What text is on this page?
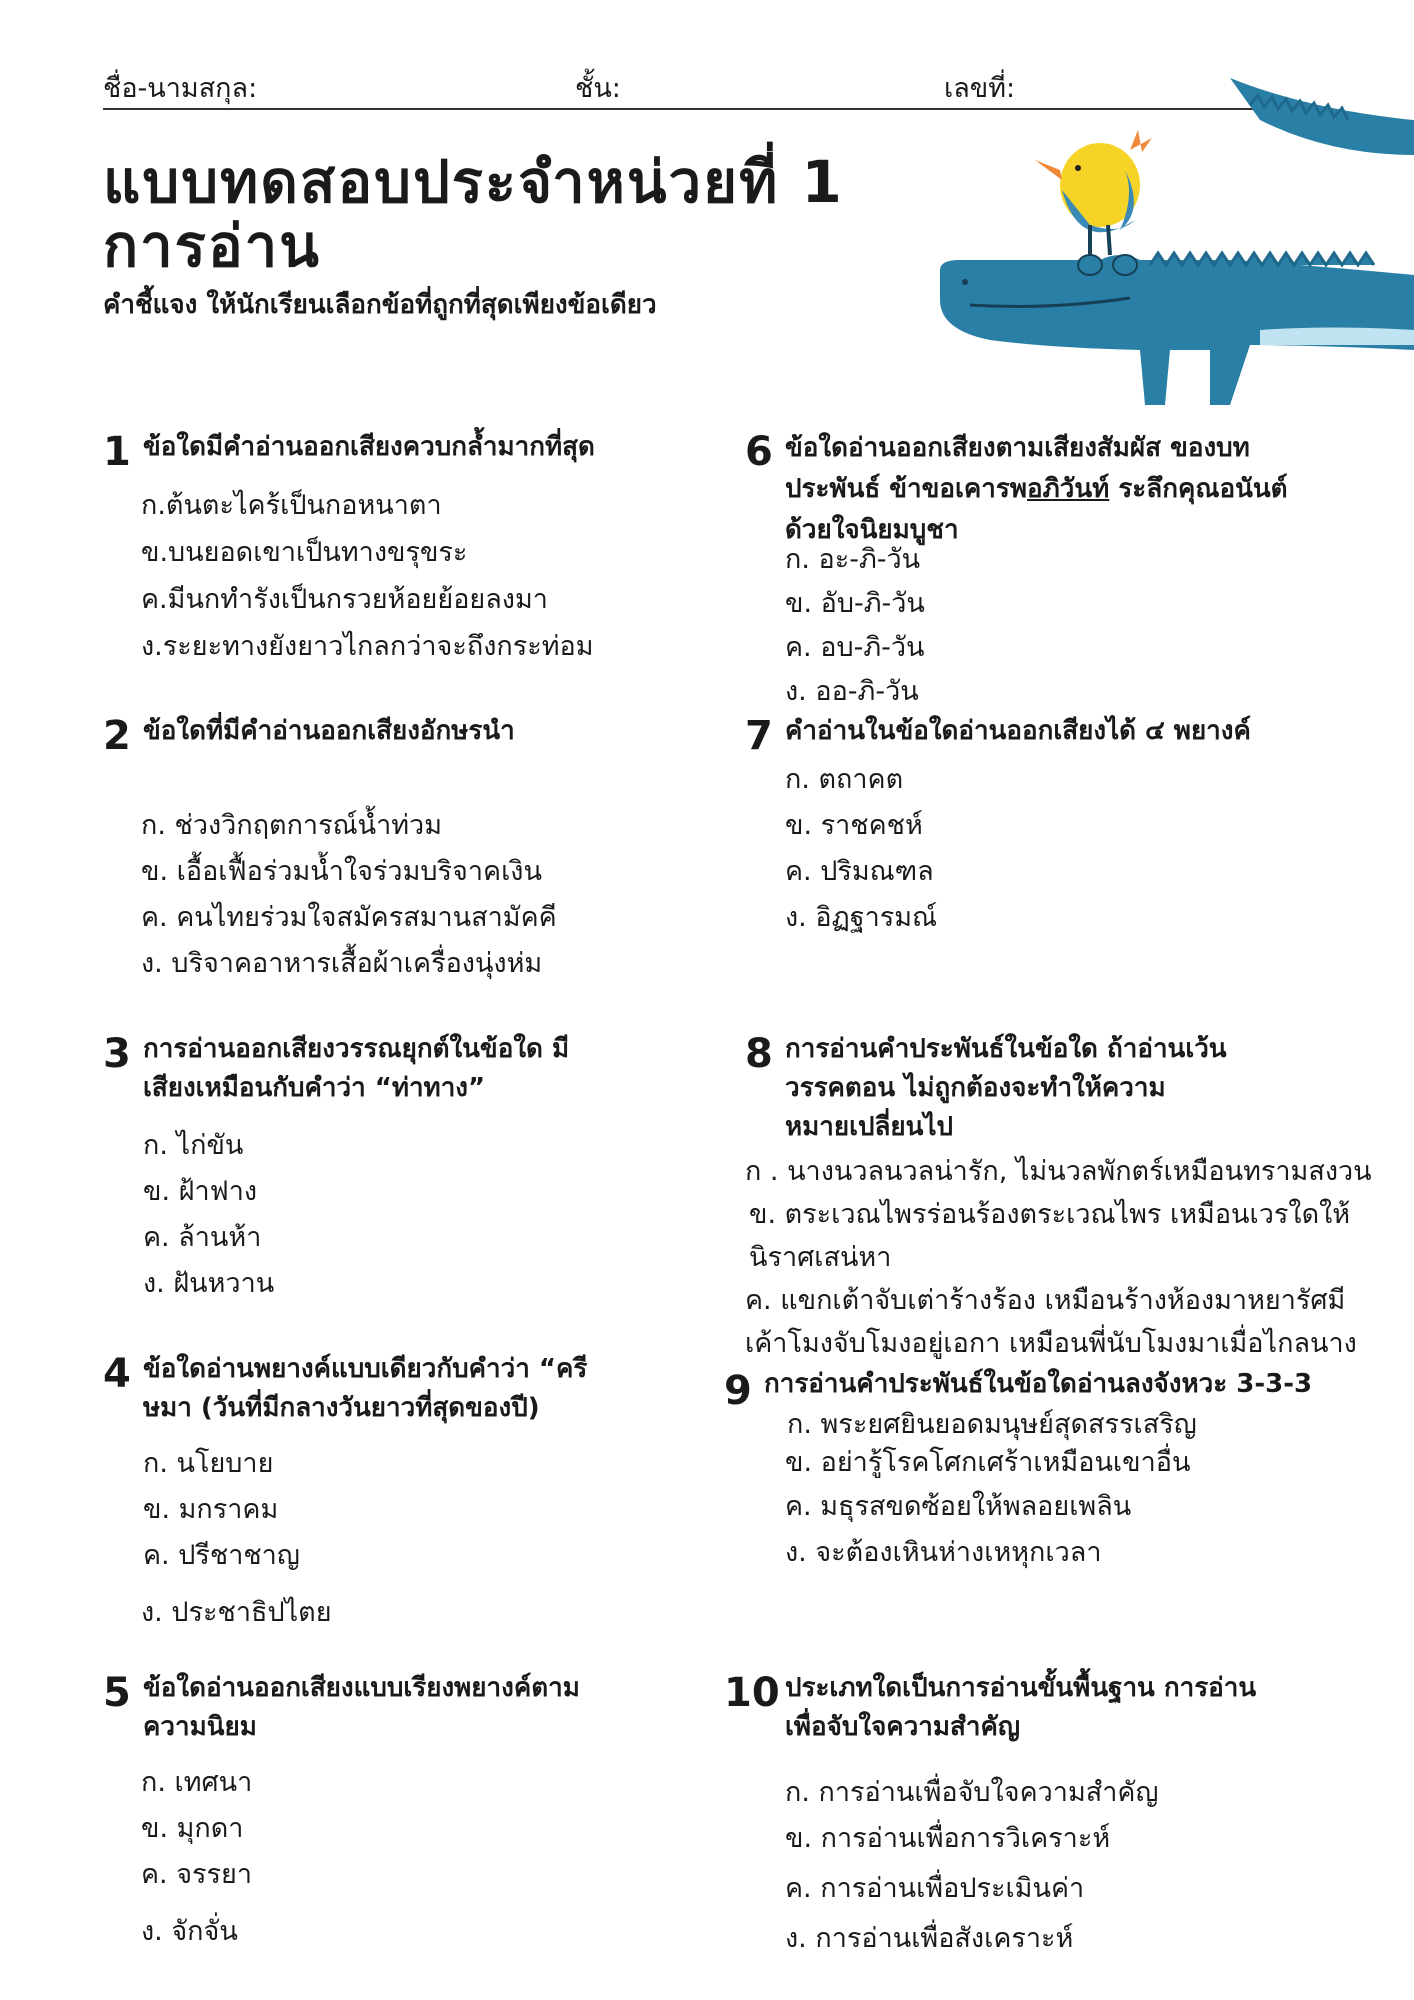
ชื่อ-นามสกุล:	ชั้น:	เลขที่:
แบบทดสอบประจำหน่วยที่ 1
การอ่าน

คำชี้แจง ให้นักเรียนเลือกข้อที่ถูกที่สุดเพียงข้อเดียว

1 ข้อใดมีคำอ่านออกเสียงควบกล้ำมากที่สุด

ก.ต้นตะไคร้เป็นกอหนาตา
ข.บนยอดเขาเป็นทางขรุขระ
ค.มีนกทำรังเป็นกรวยห้อยย้อยลงมา
ง.ระยะทางยังยาวไกลกว่าจะถึงกระท่อม
2 ข้อใดที่มีคำอ่านออกเสียงอักษรนำ

ก. ช่วงวิกฤตการณ์น้ำท่วม
ข. เอื้อเฟื้อร่วมน้ำใจร่วมบริจาคเงิน
ค. คนไทยร่วมใจสมัครสมานสามัคคี
ง. บริจาคอาหารเสื้อผ้าเครื่องนุ่งห่ม
3 การอ่านออกเสียงวรรณยุกต์ในข้อใด มี
เสียงเหมือนกับคำว่า “ท่าทาง”

ก. ไก่ขัน
ข. ฝ้าฟาง
ค. ล้านห้า
ง. ฝันหวาน
4 ข้อใดอ่านพยางค์แบบเดียวกับคำว่า “ครี
ษมา (วันที่มีกลางวันยาวที่สุดของปี)

ก. นโยบาย
ข. มกราคม
ค. ปรีชาชาญ
ง. ประชาธิปไตย
5 ข้อใดอ่านออกเสียงแบบเรียงพยางค์ตาม
ความนิยม

ก. เทศนา
ข. มุกดา
ค. จรรยา
ง. จักจั่น
6 ข้อใดอ่านออกเสียงตามเสียงสัมผัส ของบท
ประพันธ์ ข้าขอเคารพอภิวันท์ ระลึกคุณอนันต์
ด้วยใจนิยมบูชา

ก. อะ-ภิ-วัน
ข. อับ-ภิ-วัน
ค. อบ-ภิ-วัน
ง. ออ-ภิ-วัน
7 คำอ่านในข้อใดอ่านออกเสียงได้ ๔ พยางค์

ก. ตถาคต
ข. ราชคชห์
ค. ปริมณฑล
ง. อิฏฐารมณ์
8 การอ่านคำประพันธ์ในข้อใด ถ้าอ่านเว้น
วรรคตอน ไม่ถูกต้องจะทำให้ความ
หมายเปลี่ยนไป

ก . นางนวลนวลน่ารัก, ไม่นวลพักตร์เหมือนทรามสงวน
ข. ตระเวณไพรร่อนร้องตระเวณไพร เหมือนเวรใดให้
นิราศเสน่หา
ค. แขกเต้าจับเต่าร้างร้อง เหมือนร้างห้องมาหยารัศมี
เค้าโมงจับโมงอยู่เอกา เหมือนพี่นับโมงมาเมื่อไกลนาง
9 การอ่านคำประพันธ์ในข้อใดอ่านลงจังหวะ 3-3-3

ก. พระยศยินยอดมนุษย์สุดสรรเสริญ
ข. อย่ารู้โรคโศกเศร้าเหมือนเขาอื่น
ค. มธุรสขดซ้อยให้พลอยเพลิน
ง. จะต้องเหินห่างเหหุกเวลา
10 ประเภทใดเป็นการอ่านขั้นพื้นฐาน การอ่าน
เพื่อจับใจความสำคัญ

ก. การอ่านเพื่อจับใจความสำคัญ
ข. การอ่านเพื่อการวิเคราะห์
ค. การอ่านเพื่อประเมินค่า
ง. การอ่านเพื่อสังเคราะห์
